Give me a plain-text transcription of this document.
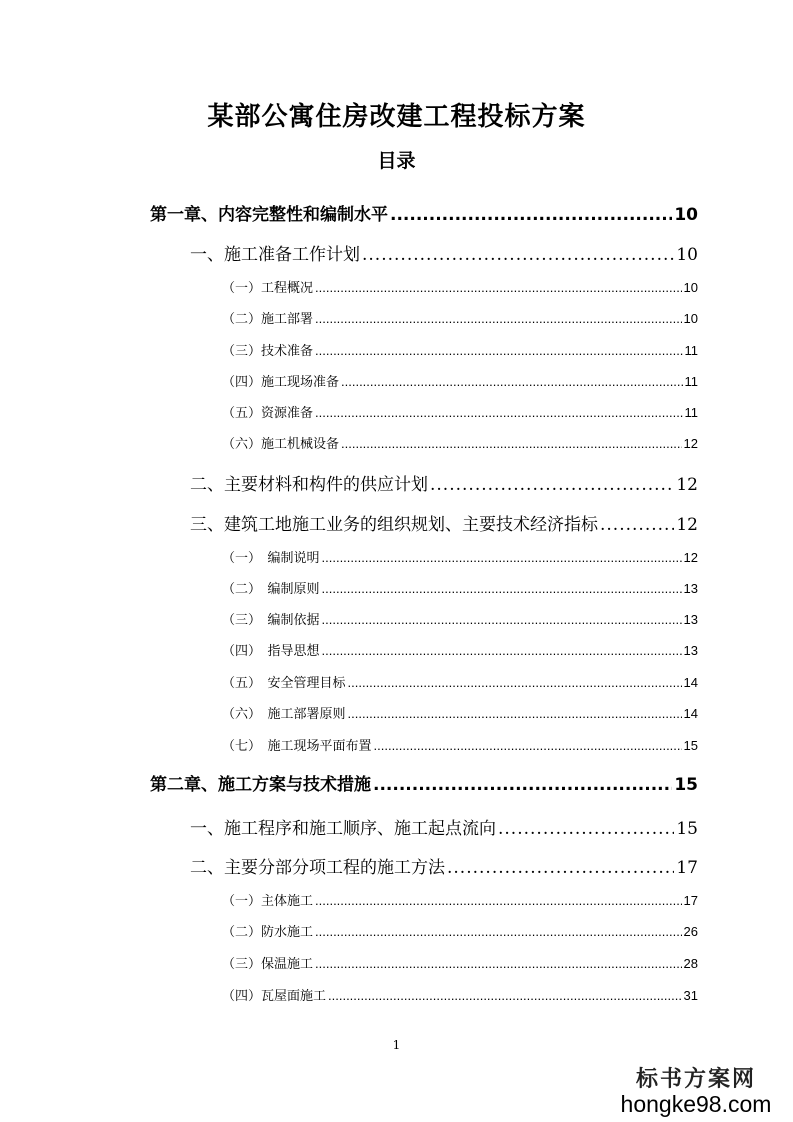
某部公寓住房改建工程投标方案
目录
第一章、内容完整性和编制水平 .....	10
一、施工准备工作计划 .....	10
（一）工程概况 .....	10
（二）施工部署 .....	10
（三）技术准备 .....	11
（四）施工现场准备 .....	11
（五）资源准备 .....	11
（六）施工机械设备 .....	12
二、主要材料和构件的供应计划 .....	12
三、建筑工地施工业务的组织规划、主要技术经济指标 .....	12
（一）　编制说明 .....	12
（二）　编制原则 .....	13
（三）　编制依据 .....	13
（四）　指导思想 .....	13
（五）　安全管理目标 .....	14
（六）　施工部署原则 .....	14
（七）　施工现场平面布置 .....	15
第二章、施工方案与技术措施 .....	15
一、施工程序和施工顺序、施工起点流向 .....	15
二、主要分部分项工程的施工方法 .....	17
（一）主体施工 .....	17
（二）防水施工 .....	26
（三）保温施工 .....	28
（四）瓦屋面施工 .....	31
1
标书方案网
hongke98.com
